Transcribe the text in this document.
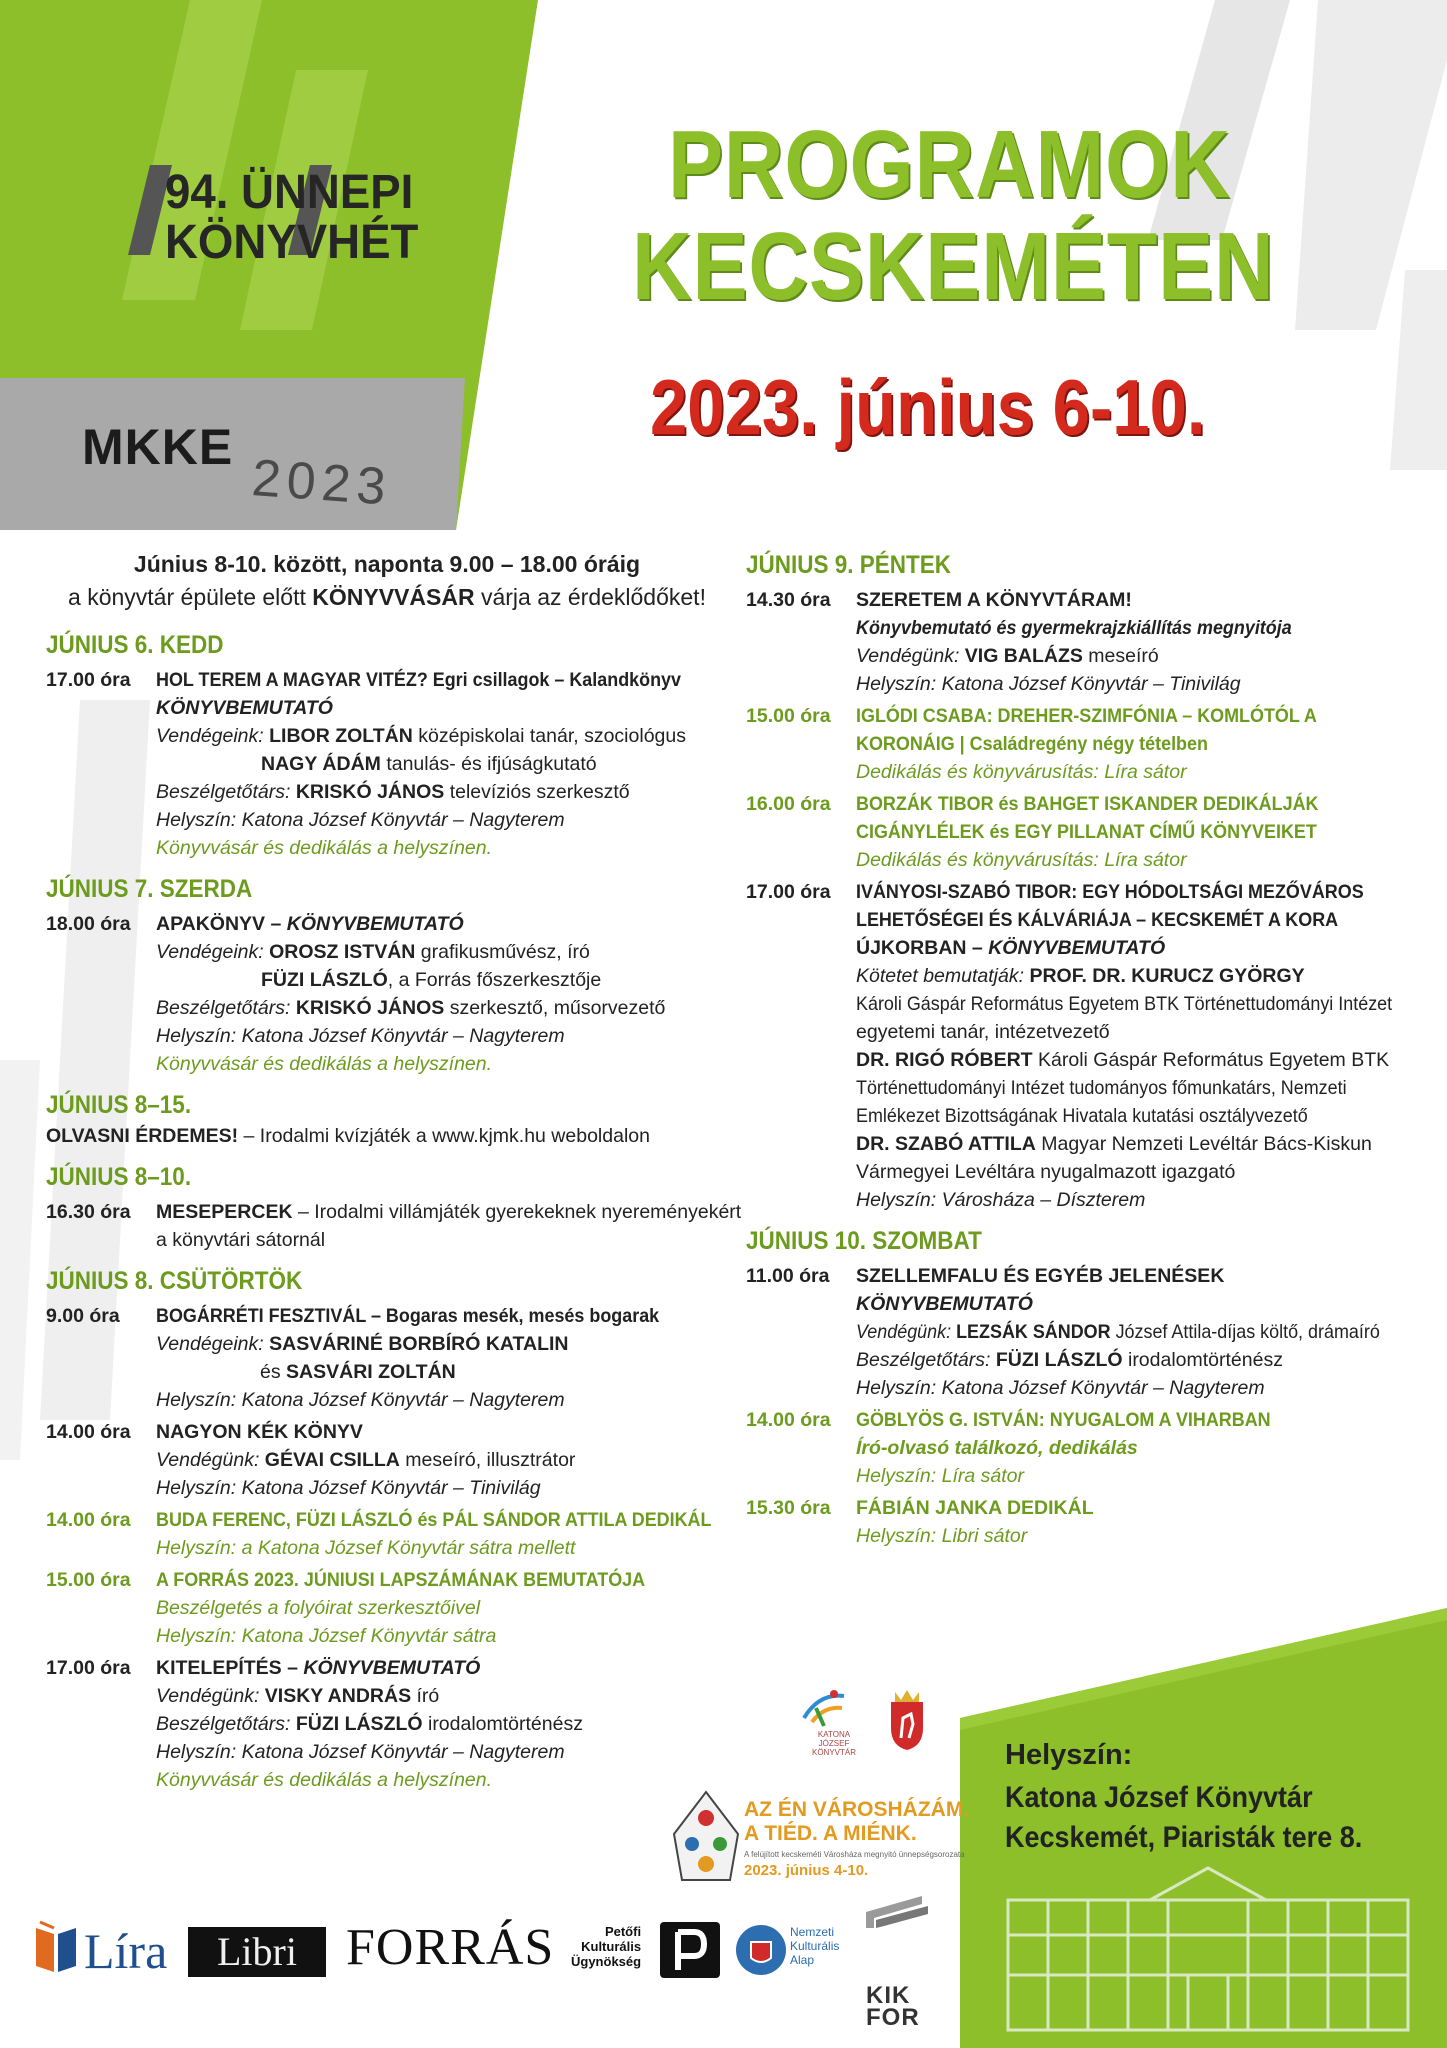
94. ÜNNEPI
KÖNYVHÉT
MKKE
2023
PROGRAMOK
KECSKEMÉTEN
2023. június 6-10.
Június 8-10. között, naponta 9.00 – 18.00 óráig
a könyvtár épülete előtt KÖNYVVÁSÁR várja az érdeklődőket!
JÚNIUS 6. KEDD
17.00 óra	HOL TEREM A MAGYAR VITÉZ? Egri csillagok – Kalandkönyv
KÖNYVBEMUTATÓ
Vendégeink: LIBOR ZOLTÁN középiskolai tanár, szociológus
NAGY ÁDÁM tanulás- és ifjúságkutató
Beszélgetőtárs: KRISKÓ JÁNOS televíziós szerkesztő
Helyszín: Katona József Könyvtár – Nagyterem
Könyvvásár és dedikálás a helyszínen.
JÚNIUS 7. SZERDA
18.00 óra	APAKÖNYV – KÖNYVBEMUTATÓ
Vendégeink: OROSZ ISTVÁN grafikusművész, író
FÜZI LÁSZLÓ, a Forrás főszerkesztője
Beszélgetőtárs: KRISKÓ JÁNOS szerkesztő, műsorvezető
Helyszín: Katona József Könyvtár – Nagyterem
Könyvvásár és dedikálás a helyszínen.
JÚNIUS 8–15.
OLVASNI ÉRDEMES! – Irodalmi kvízjáték a www.kjmk.hu weboldalon
JÚNIUS 8–10.
16.30 óra	MESEPERCEK – Irodalmi villámjáték gyerekeknek nyereményekért
a könyvtári sátornál
JÚNIUS 8. CSÜTÖRTÖK
9.00 óra	BOGÁRRÉTI FESZTIVÁL – Bogaras mesék, mesés bogarak
Vendégeink: SASVÁRINÉ BORBÍRÓ KATALIN
és SASVÁRI ZOLTÁN
Helyszín: Katona József Könyvtár – Nagyterem
14.00 óra	NAGYON KÉK KÖNYV
Vendégünk: GÉVAI CSILLA meseíró, illusztrátor
Helyszín: Katona József Könyvtár – Tinivilág
14.00 óra	BUDA FERENC, FÜZI LÁSZLÓ és PÁL SÁNDOR ATTILA DEDIKÁL
Helyszín: a Katona József Könyvtár sátra mellett
15.00 óra	A FORRÁS 2023. JÚNIUSI LAPSZÁMÁNAK BEMUTATÓJA
Beszélgetés a folyóirat szerkesztőivel
Helyszín: Katona József Könyvtár sátra
17.00 óra	KITELEPÍTÉS – KÖNYVBEMUTATÓ
Vendégünk: VISKY ANDRÁS író
Beszélgetőtárs: FÜZI LÁSZLÓ irodalomtörténész
Helyszín: Katona József Könyvtár – Nagyterem
Könyvvásár és dedikálás a helyszínen.
JÚNIUS 9. PÉNTEK
14.30 óra	SZERETEM A KÖNYVTÁRAM!
Könyvbemutató és gyermekrajzkiállítás megnyitója
Vendégünk: VIG BALÁZS meseíró
Helyszín: Katona József Könyvtár – Tinivilág
15.00 óra	IGLÓDI CSABA: DREHER-SZIMFÓNIA – KOMLÓTÓL A
KORONÁIG | Családregény négy tételben
Dedikálás és könyvárusítás: Líra sátor
16.00 óra	BORZÁK TIBOR és BAHGET ISKANDER DEDIKÁLJÁK
CIGÁNYLÉLEK és EGY PILLANAT CÍMŰ KÖNYVEIKET
Dedikálás és könyvárusítás: Líra sátor
17.00 óra	IVÁNYOSI-SZABÓ TIBOR: EGY HÓDOLTSÁGI MEZŐVÁROS
LEHETŐSÉGEI ÉS KÁLVÁRIÁJA – KECSKEMÉT A KORA
ÚJKORBAN – KÖNYVBEMUTATÓ
Kötetet bemutatják: PROF. DR. KURUCZ GYÖRGY
Károli Gáspár Református Egyetem BTK Történettudományi Intézet
egyetemi tanár, intézetvezető
DR. RIGÓ RÓBERT Károli Gáspár Református Egyetem BTK
Történettudományi Intézet tudományos főmunkatárs, Nemzeti
Emlékezet Bizottságának Hivatala kutatási osztályvezető
DR. SZABÓ ATTILA Magyar Nemzeti Levéltár Bács-Kiskun
Vármegyei Levéltára nyugalmazott igazgató
Helyszín: Városháza – Díszterem
JÚNIUS 10. SZOMBAT
11.00 óra	SZELLEMFALU ÉS EGYÉB JELENÉSEK
KÖNYVBEMUTATÓ
Vendégünk: LEZSÁK SÁNDOR József Attila-díjas költő, drámaíró
Beszélgetőtárs: FÜZI LÁSZLÓ irodalomtörténész
Helyszín: Katona József Könyvtár – Nagyterem
14.00 óra	GÖBLYÖS G. ISTVÁN: NYUGALOM A VIHARBAN
Író-olvasó találkozó, dedikálás
Helyszín: Líra sátor
15.30 óra	FÁBIÁN JANKA DEDIKÁL
Helyszín: Libri sátor
Helyszín:
Katona József Könyvtár
Kecskemét, Piaristák tere 8.
KATONA
JÓZSEF
KÖNYVTÁR
AZ ÉN VÁROSHÁZÁM.
A TIÉD. A MIÉNK.
A felújított kecskeméti Városháza megnyitó ünnepségsorozata
2023. június 4-10.
Líra	Libri FORRÁS	Petőfi
Kulturális
Ügynökség
Nemzeti
Kulturális
Alap
KIK
FOR
